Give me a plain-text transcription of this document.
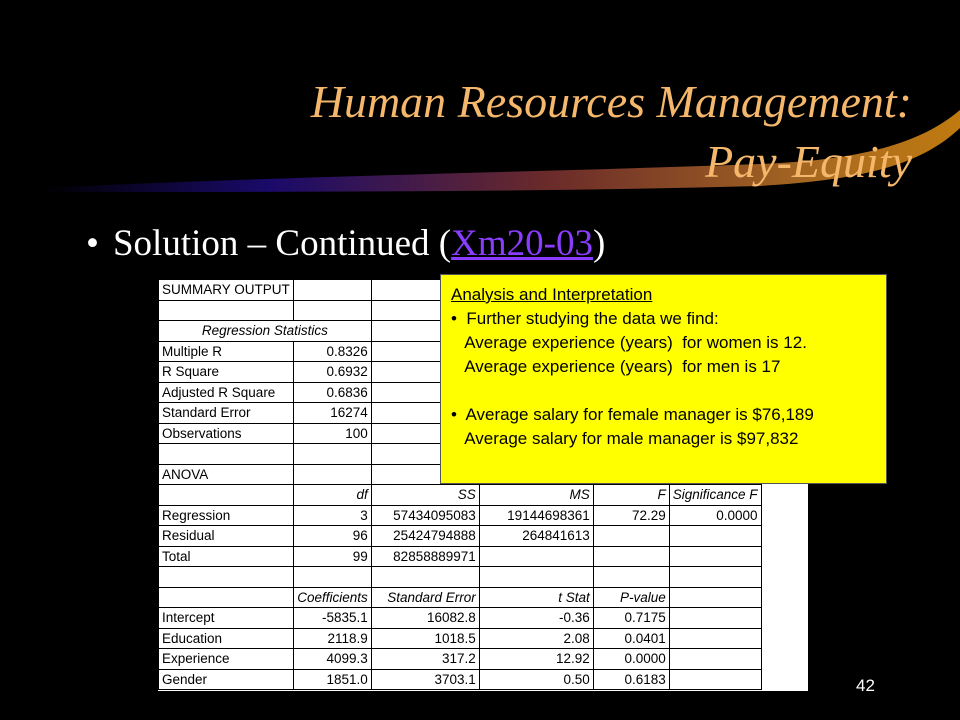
Human Resources Management:
Pay-Equity
• Solution – Continued (Xm20-03)
SUMMARY OUTPUT					

Regression Statistics					
Multiple R	0.8326				
R Square	0.6932				
Adjusted R Square	0.6836				
Standard Error	16274				
Observations	100				

ANOVA					
	df	SS	MS	F	Significance F
Regression	3	57434095083	19144698361	72.29	0.0000
Residual	96	25424794888	264841613		
Total	99	82858889971			

	Coefficients	Standard Error	t Stat	P-value	
Intercept	-5835.1	16082.8	-0.36	0.7175	
Education	2118.9	1018.5	2.08	0.0401	
Experience	4099.3	317.2	12.92	0.0000	
Gender	1851.0	3703.1	0.50	0.6183	
Analysis and Interpretation
•  Further studying the data we find:
Average experience (years)  for women is 12.
Average experience (years)  for men is 17

•  Average salary for female manager is $76,189
Average salary for male manager is $97,832
42
